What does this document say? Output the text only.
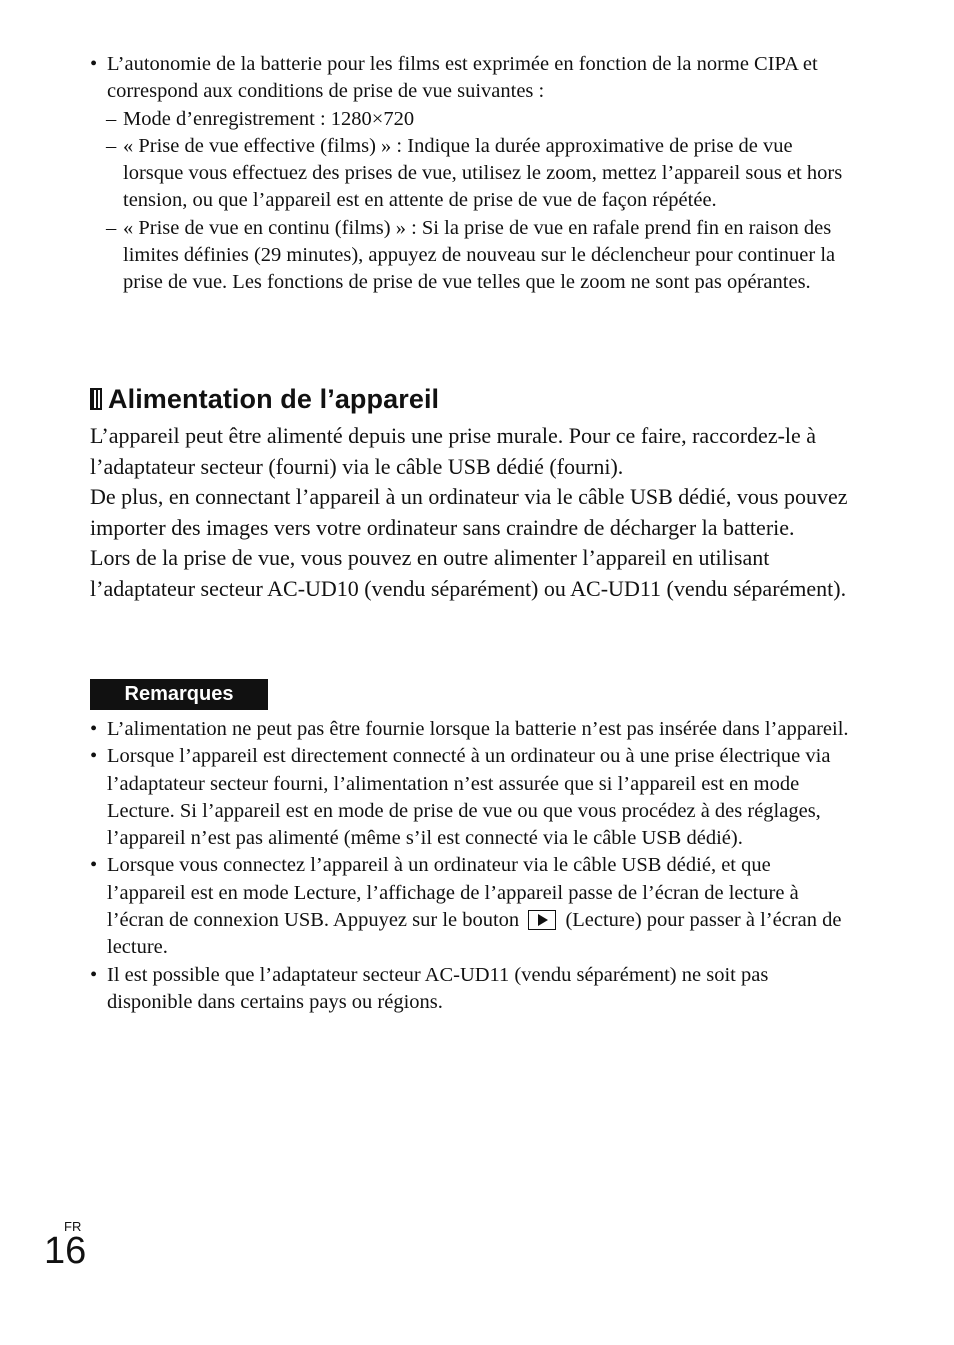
• L’autonomie de la batterie pour les films est exprimée en fonction de la norme CIPA et correspond aux conditions de prise de vue suivantes :
– Mode d’enregistrement : 1280×720
– « Prise de vue effective (films) » : Indique la durée approximative de prise de vue lorsque vous effectuez des prises de vue, utilisez le zoom, mettez l’appareil sous et hors tension, ou que l’appareil est en attente de prise de vue de façon répétée.
– « Prise de vue en continu (films) » : Si la prise de vue en rafale prend fin en raison des limites définies (29 minutes), appuyez de nouveau sur le déclencheur pour continuer la prise de vue. Les fonctions de prise de vue telles que le zoom ne sont pas opérantes.
Alimentation de l’appareil

L’appareil peut être alimenté depuis une prise murale. Pour ce faire, raccordez-le à l’adaptateur secteur (fourni) via le câble USB dédié (fourni).

De plus, en connectant l’appareil à un ordinateur via le câble USB dédié, vous pouvez importer des images vers votre ordinateur sans craindre de décharger la batterie.

Lors de la prise de vue, vous pouvez en outre alimenter l’appareil en utilisant l’adaptateur secteur AC-UD10 (vendu séparément) ou AC-UD11 (vendu séparément).

Remarques
• L’alimentation ne peut pas être fournie lorsque la batterie n’est pas insérée dans l’appareil.
• Lorsque l’appareil est directement connecté à un ordinateur ou à une prise électrique via l’adaptateur secteur fourni, l’alimentation n’est assurée que si l’appareil est en mode Lecture. Si l’appareil est en mode de prise de vue ou que vous procédez à des réglages, l’appareil n’est pas alimenté (même s’il est connecté via le câble USB dédié).
• Lorsque vous connectez l’appareil à un ordinateur via le câble USB dédié, et que l’appareil est en mode Lecture, l’affichage de l’appareil passe de l’écran de lecture à l’écran de connexion USB. Appuyez sur le bouton (Lecture) pour passer à l’écran de lecture.
• Il est possible que l’adaptateur secteur AC-UD11 (vendu séparément) ne soit pas disponible dans certains pays ou régions.
FR
16
